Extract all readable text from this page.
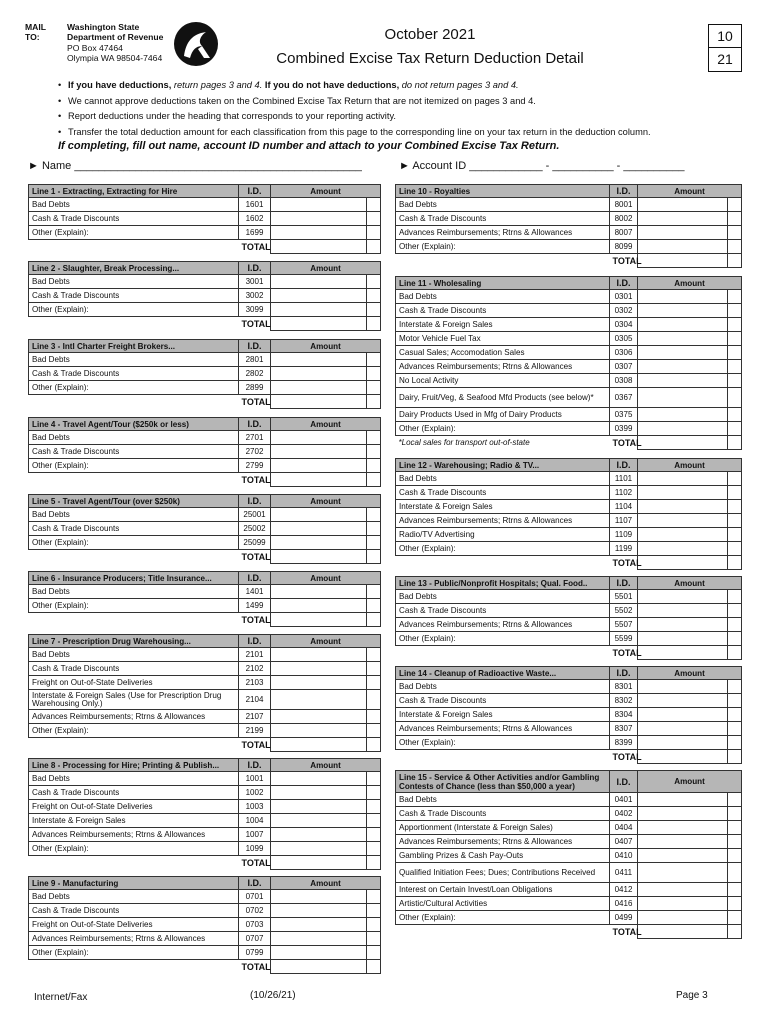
MAIL TO:
Washington State
Department of Revenue
PO Box 47464
Olympia WA 98504-7464
October 2021
Combined Excise Tax Return Deduction Detail
10
21
• If you have deductions, return pages 3 and 4. If you do not have deductions, do not return pages 3 and 4.
• We cannot approve deductions taken on the Combined Excise Tax Return that are not itemized on pages 3 and 4.
• Report deductions under the heading that corresponds to your reporting activity.
• Transfer the total deduction amount for each classification from this page to the corresponding line on your tax return in the deduction column.
If completing, fill out name, account ID number and attach to your Combined Excise Tax Return.
► Name _______________________________________________	► Account ID ____________ - __________ - __________
Line 1 - Extracting, Extracting for Hire	I.D.	Amount	
Bad Debts	1601		
Cash & Trade Discounts	1602		
Other (Explain):	1699		
	TOTAL		
Line 2 - Slaughter, Break Processing...	I.D.	Amount	
Bad Debts	3001		
Cash & Trade Discounts	3002		
Other (Explain):	3099		
	TOTAL		
Line 3 - Intl Charter Freight Brokers...	I.D.	Amount	
Bad Debts	2801		
Cash & Trade Discounts	2802		
Other (Explain):	2899		
	TOTAL		
Line 4 - Travel Agent/Tour ($250k or less)	I.D.	Amount	
Bad Debts	2701		
Cash & Trade Discounts	2702		
Other (Explain):	2799		
	TOTAL		
Line 5 - Travel Agent/Tour (over $250k)	I.D.	Amount	
Bad Debts	25001		
Cash & Trade Discounts	25002		
Other (Explain):	25099		
	TOTAL		
Line 6 - Insurance Producers; Title Insurance...	I.D.	Amount	
Bad Debts	1401		
Other (Explain):	1499		
	TOTAL		
Line 7 - Prescription Drug Warehousing...	I.D.	Amount	
Bad Debts	2101		
Cash & Trade Discounts	2102		
Freight on Out-of-State Deliveries	2103		
Interstate & Foreign Sales (Use for Prescription Drug Warehousing Only.)	2104		
Advances Reimbursements; Rtrns & Allowances	2107		
Other (Explain):	2199		
	TOTAL		
Line 8 - Processing for Hire; Printing & Publish...	I.D.	Amount	
Bad Debts	1001		
Cash & Trade Discounts	1002		
Freight on Out-of-State Deliveries	1003		
Interstate & Foreign Sales	1004		
Advances Reimbursements; Rtrns & Allowances	1007		
Other (Explain):	1099		
	TOTAL		
Line 9 - Manufacturing	I.D.	Amount	
Bad Debts	0701		
Cash & Trade Discounts	0702		
Freight on Out-of-State Deliveries	0703		
Advances Reimbursements; Rtrns & Allowances	0707		
Other (Explain):	0799		
	TOTAL		
Line 10 - Royalties	I.D.	Amount	
Bad Debts	8001		
Cash & Trade Discounts	8002		
Advances Reimbursements; Rtrns & Allowances	8007		
Other (Explain):	8099		
	TOTAL		
Line 11 - Wholesaling	I.D.	Amount	
Bad Debts	0301		
Cash & Trade Discounts	0302		
Interstate & Foreign Sales	0304		
Motor Vehicle Fuel Tax	0305		
Casual Sales; Accomodation Sales	0306		
Advances Reimbursements; Rtrns & Allowances	0307		
No Local Activity	0308		
Dairy, Fruit/Veg, & Seafood Mfd Products (see below)*	0367		
Dairy Products Used in Mfg of Dairy Products	0375		
Other (Explain):	0399		
*Local sales for transport out-of-state	TOTAL		
Line 12 - Warehousing; Radio & TV...	I.D.	Amount	
Bad Debts	1101		
Cash & Trade Discounts	1102		
Interstate & Foreign Sales	1104		
Advances Reimbursements; Rtrns & Allowances	1107		
Radio/TV Advertising	1109		
Other (Explain):	1199		
	TOTAL		
Line 13 - Public/Nonprofit Hospitals; Qual. Food..	I.D.	Amount	
Bad Debts	5501		
Cash & Trade Discounts	5502		
Advances Reimbursements; Rtrns & Allowances	5507		
Other (Explain):	5599		
	TOTAL		
Line 14 - Cleanup of Radioactive Waste...	I.D.	Amount	
Bad Debts	8301		
Cash & Trade Discounts	8302		
Interstate & Foreign Sales	8304		
Advances Reimbursements; Rtrns & Allowances	8307		
Other (Explain):	8399		
	TOTAL		
Line 15 - Service & Other Activities and/or Gambling Contests of Chance (less than $50,000 a year)	I.D.	Amount	
Bad Debts	0401		
Cash & Trade Discounts	0402		
Apportionment (Interstate & Foreign Sales)	0404		
Advances Reimbursements; Rtrns & Allowances	0407		
Gambling Prizes & Cash Pay-Outs	0410		
Qualified Initiation Fees; Dues; Contributions Received	0411		
Interest on Certain Invest/Loan Obligations	0412		
Artistic/Cultural Activities	0416		
Other (Explain):	0499		
	TOTAL		
Internet/Fax	(10/26/21)	Page 3
